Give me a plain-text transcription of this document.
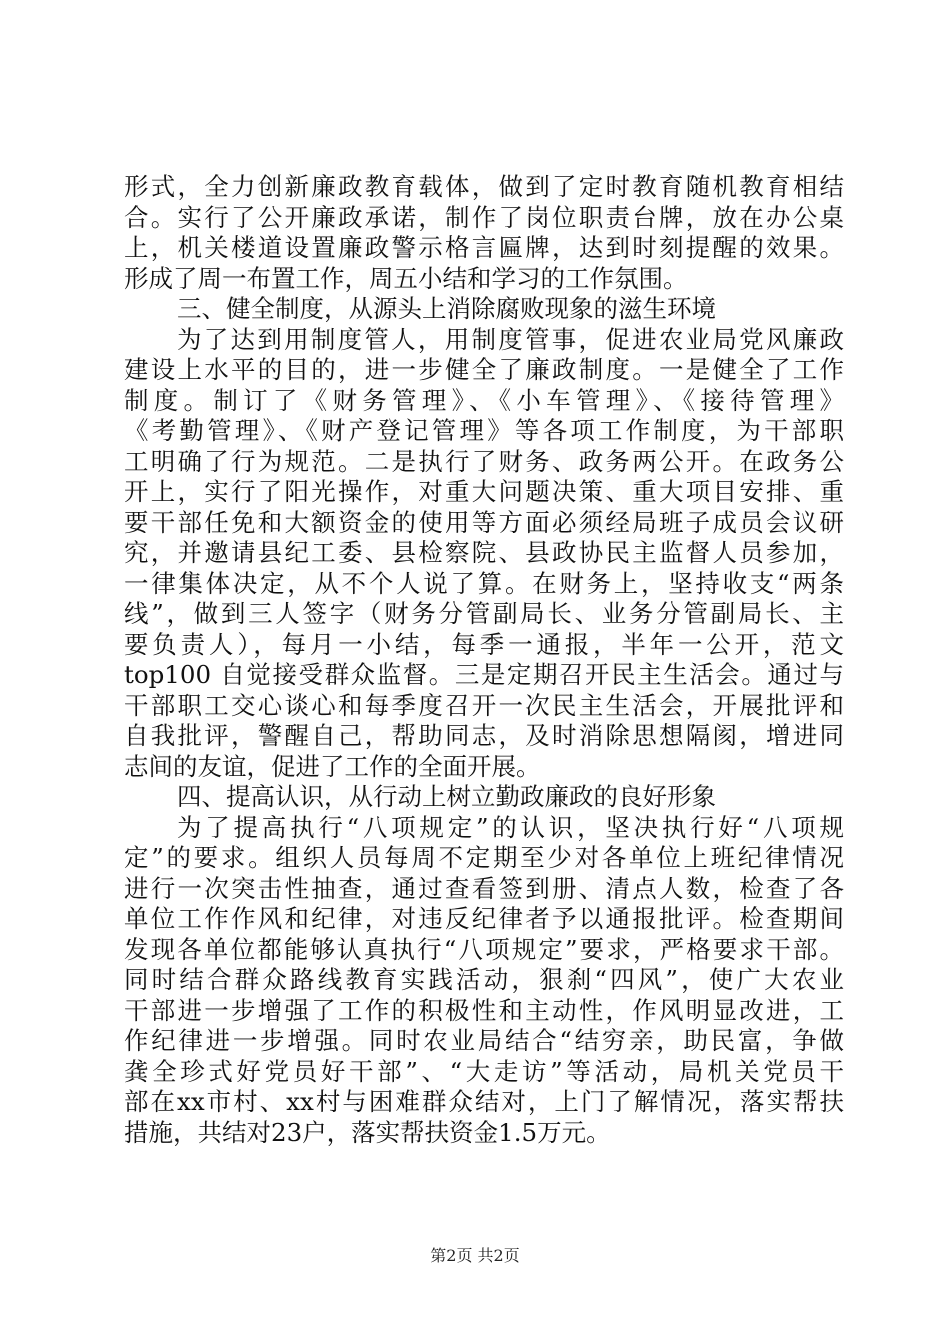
形式，全力创新廉政教育载体，做到了定时教育随机教育相结
合。实行了公开廉政承诺，制作了岗位职责台牌，放在办公桌
上，机关楼道设置廉政警示格言匾牌，达到时刻提醒的效果。
形成了周一布置工作，周五小结和学习的工作氛围。
三、健全制度，从源头上消除腐败现象的滋生环境
为了达到用制度管人，用制度管事，促进农业局党风廉政
建设上水平的目的，进一步健全了廉政制度。一是健全了工作
制度。制订了《财务管理》、《小车管理》、《接待管理》
《考勤管理》、《财产登记管理》等各项工作制度，为干部职
工明确了行为规范。二是执行了财务、政务两公开。在政务公
开上，实行了阳光操作，对重大问题决策、重大项目安排、重
要干部任免和大额资金的使用等方面必须经局班子成员会议研
究，并邀请县纪工委、县检察院、县政协民主监督人员参加，
一律集体决定，从不个人说了算。在财务上，坚持收支“两条
线”，做到三人签字（财务分管副局长、业务分管副局长、主
要负责人），每月一小结，每季一通报，半年一公开，范文
top100 自觉接受群众监督。三是定期召开民主生活会。通过与
干部职工交心谈心和每季度召开一次民主生活会，开展批评和
自我批评，警醒自己，帮助同志，及时消除思想隔阂，增进同
志间的友谊，促进了工作的全面开展。
四、提高认识，从行动上树立勤政廉政的良好形象
为了提高执行“八项规定”的认识，坚决执行好“八项规
定”的要求。组织人员每周不定期至少对各单位上班纪律情况
进行一次突击性抽查，通过查看签到册、清点人数，检查了各
单位工作作风和纪律，对违反纪律者予以通报批评。检查期间
发现各单位都能够认真执行“八项规定”要求，严格要求干部。
同时结合群众路线教育实践活动，狠刹“四风”，使广大农业
干部进一步增强了工作的积极性和主动性，作风明显改进，工
作纪律进一步增强。同时农业局结合“结穷亲，助民富，争做
龚全珍式好党员好干部”、“大走访”等活动，局机关党员干
部在xx市村、xx村与困难群众结对，上门了解情况，落实帮扶
措施，共结对23户，落实帮扶资金1.5万元。
第2页 共2页
